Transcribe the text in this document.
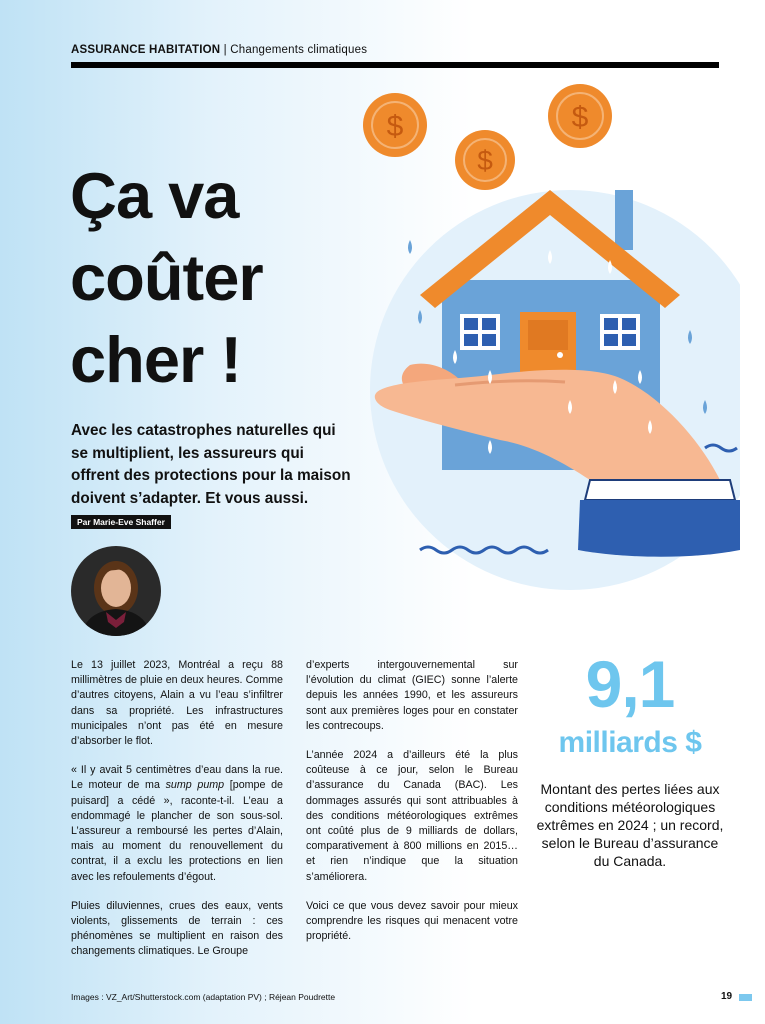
ASSURANCE HABITATION | Changements climatiques
$
$
$
Ça va
coûter
cher !
Avec les catastrophes naturelles qui se multiplient, les assureurs qui offrent des protections pour la maison doivent s’adapter. Et vous aussi.
Par Marie-Eve Shaffer

Le 13 juillet 2023, Montréal a reçu 88 millimètres de pluie en deux heures. Comme d’autres citoyens, Alain a vu l’eau s’infiltrer dans sa propriété. Les infrastructures municipales n’ont pas été en mesure d’absorber le flot.

« Il y avait 5 centimètres d’eau dans la rue. Le moteur de ma sump pump [pompe de puisard] a cédé », raconte-t-il. L’eau a endommagé le plancher de son sous-sol. L’assureur a remboursé les pertes d’Alain, mais au moment du renouvellement du contrat, il a exclu les protections en lien avec les refoulements d’égout.

Pluies diluviennes, crues des eaux, vents violents, glissements de terrain : ces phénomènes se multiplient en raison des changements climatiques. Le Groupe

d’experts intergouvernemental sur l’évolution du climat (GIEC) sonne l’alerte depuis les années 1990, et les assureurs sont aux premières loges pour en constater les contrecoups.

L’année 2024 a d’ailleurs été la plus coûteuse à ce jour, selon le Bureau d’assurance du Canada (BAC). Les dommages assurés qui sont attribuables à des conditions météorologiques extrêmes ont coûté plus de 9 milliards de dollars, comparativement à 800 millions en 2015… et rien n’indique que la situation s’améliorera.

Voici ce que vous devez savoir pour mieux comprendre les risques qui menacent votre propriété.

9,1
milliards $
Montant des pertes liées aux conditions météorologiques extrêmes en 2024 ; un record, selon le Bureau d’assurance du Canada.
Images : VZ_Art/Shutterstock.com (adaptation PV) ; Réjean Poudrette	19
